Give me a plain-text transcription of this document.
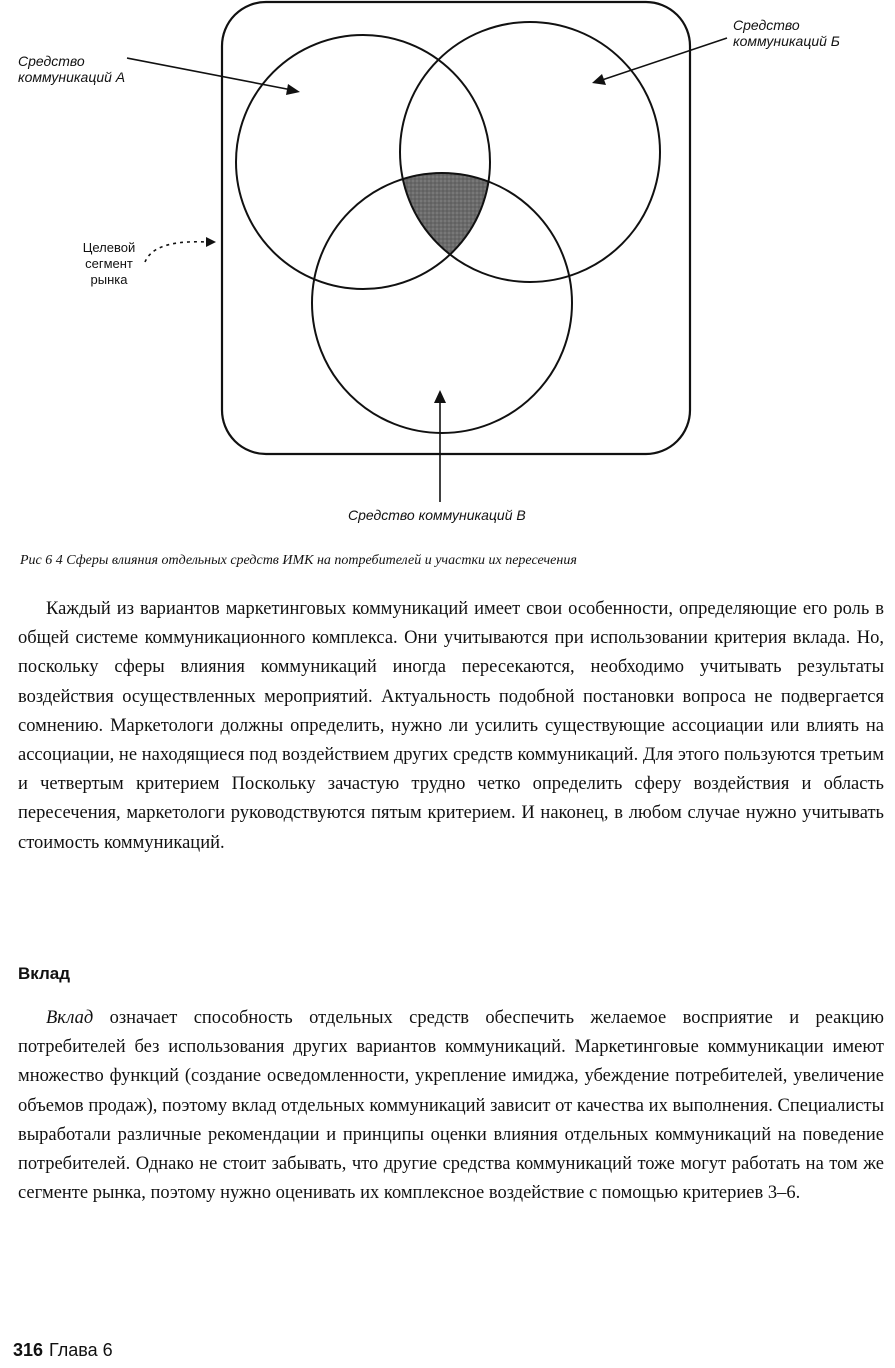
Средство
коммуникаций А
Средство
коммуникаций Б
Целевой
сегмент
рынка
Средство коммуникаций В
Рис 6 4 Сферы влияния отдельных средств ИМК на потребителей и участки их пересечения

Каждый из вариантов маркетинговых коммуникаций имеет свои особенности, определяющие его роль в общей системе коммуникационного комплекса. Они учитываются при использовании критерия вклада. Но, поскольку сферы влияния коммуникаций иногда пересекаются, необходимо учитывать результаты воздействия осуществленных мероприятий. Актуальность подобной постановки вопроса не подвергается сомнению. Маркетологи должны определить, нужно ли усилить существующие ассоциации или влиять на ассоциации, не находящиеся под воздействием других средств коммуникаций. Для этого пользуются третьим и четвертым критерием Поскольку зачастую трудно четко определить сферу воздействия и область пересечения, маркетологи руководствуются пятым критерием. И наконец, в любом случае нужно учитывать стоимость коммуникаций.

Вклад

Вклад означает способность отдельных средств обеспечить желаемое восприятие и реакцию потребителей без использования других вариантов коммуникаций. Маркетинговые коммуникации имеют множество функций (создание осведомленности, укрепление имиджа, убеждение потребителей, увеличение объемов продаж), поэтому вклад отдельных коммуникаций зависит от качества их выполнения. Специалисты выработали различные рекомендации и принципы оценки влияния отдельных коммуникаций на поведение потребителей. Однако не стоит забывать, что другие средства коммуникаций тоже могут работать на том же сегменте рынка, поэтому нужно оценивать их комплексное воздействие с помощью критериев 3–6.

316 Глава 6
